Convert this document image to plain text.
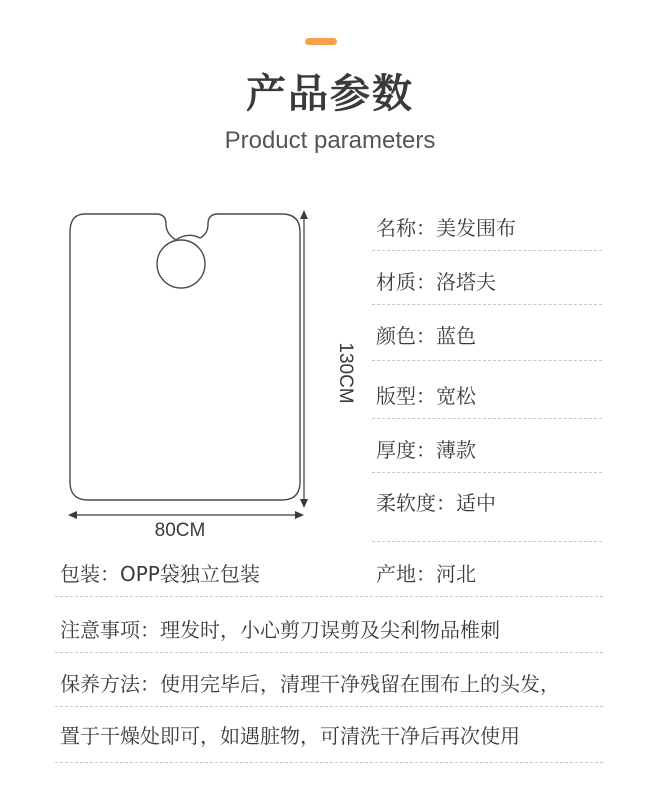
产品参数
Product parameters
130CM
80CM
名称：美发围布
材质：洛塔夫
颜色：蓝色
版型：宽松
厚度：薄款
柔软度：适中
包装：OPP袋独立包装	产地：河北
注意事项：理发时，小心剪刀误剪及尖利物品椎刺
保养方法：使用完毕后，清理干净残留在围布上的头发，
置于干燥处即可，如遇脏物，可清洗干净后再次使用
